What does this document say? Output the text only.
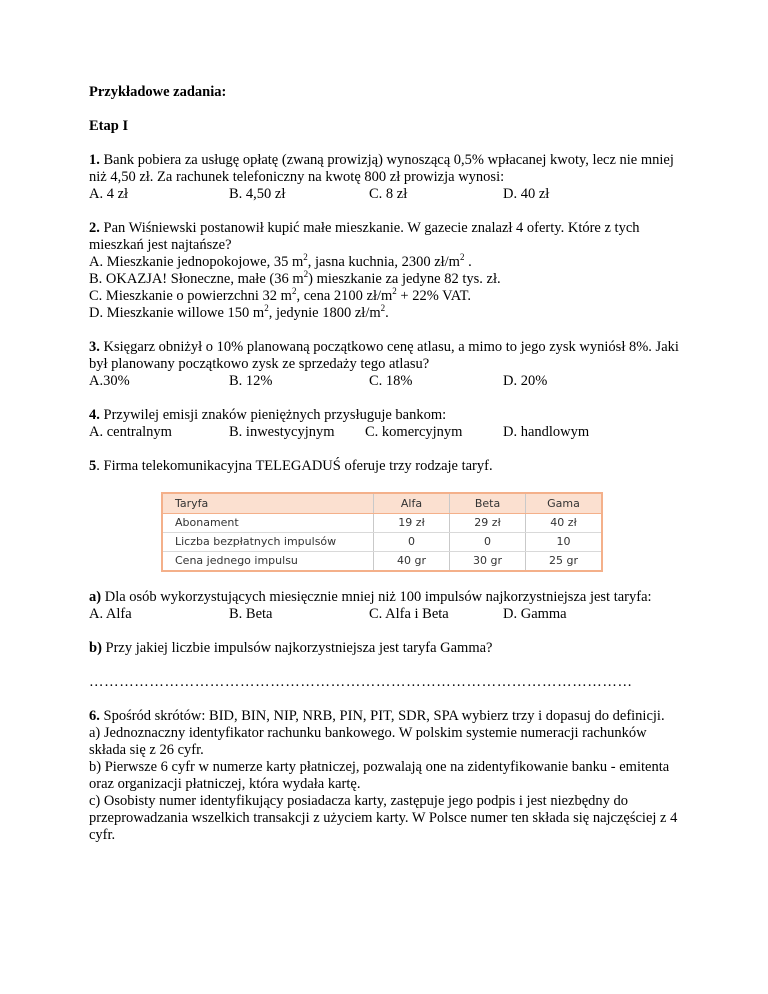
Przykładowe zadania:

Etap I

1. Bank pobiera za usługę opłatę (zwaną prowizją) wynoszącą 0,5% wpłacanej kwoty, lecz nie mniej niż 4,50 zł. Za rachunek telefoniczny na kwotę 800 zł prowizja wynosi:

A. 4 zł	B. 4,50 zł	C. 8 zł	D. 40 zł

2. Pan Wiśniewski postanowił kupić małe mieszkanie. W gazecie znalazł 4 oferty. Które z tych mieszkań jest najtańsze?

A. Mieszkanie jednopokojowe, 35 $m^2$, jasna kuchnia, 2300 $zł/m^2$ .

B. OKAZJA! Słoneczne, małe (36 $m^2$) mieszkanie za jedyne 82 tys. zł.

C. Mieszkanie o powierzchni 32 $m^2$, cena 2100 $zł/m^2 + 22\%$ VAT.

D. Mieszkanie willowe 150 $m^2$, jedynie 1800 $zł/m^2$.

3. Księgarz obniżył o 10% planowaną początkowo cenę atlasu, a mimo to jego zysk wyniósł 8%. Jaki był planowany początkowo zysk ze sprzedaży tego atlasu?

A.30%	B. 12%	C. 18%	D. 20%

4. Przywilej emisji znaków pieniężnych przysługuje bankom:

A. centralnym	B. inwestycyjnym C. komercyjnym	D. handlowym

5. Firma telekomunikacyjna TELEGADUŚ oferuje trzy rodzaje taryf.

Taryfa	Alfa	Beta	Gama
Abonament	19 zł	29 zł	40 zł
Liczba bezpłatnych impulsów	0	0	10
Cena jednego impulsu	40 gr	30 gr	25 gr

a) Dla osób wykorzystujących miesięcznie mniej niż 100 impulsów najkorzystniejsza jest taryfa:

A. Alfa	B. Beta	C. Alfa i Beta	D. Gamma

b) Przy jakiej liczbie impulsów najkorzystniejsza jest taryfa Gamma?

………………………………………………………………………………………………

6. Spośród skrótów: BID, BIN, NIP, NRB, PIN, PIT, SDR, SPA wybierz trzy i dopasuj do definicji.

a) Jednoznaczny identyfikator rachunku bankowego. W polskim systemie numeracji rachunków składa się z 26 cyfr.

b) Pierwsze 6 cyfr w numerze karty płatniczej, pozwalają one na zidentyfikowanie banku - emitenta oraz organizacji płatniczej, która wydała kartę.

c) Osobisty numer identyfikujący posiadacza karty, zastępuje jego podpis i jest niezbędny do przeprowadzania wszelkich transakcji z użyciem karty. W Polsce numer ten składa się najczęściej z 4 cyfr.
